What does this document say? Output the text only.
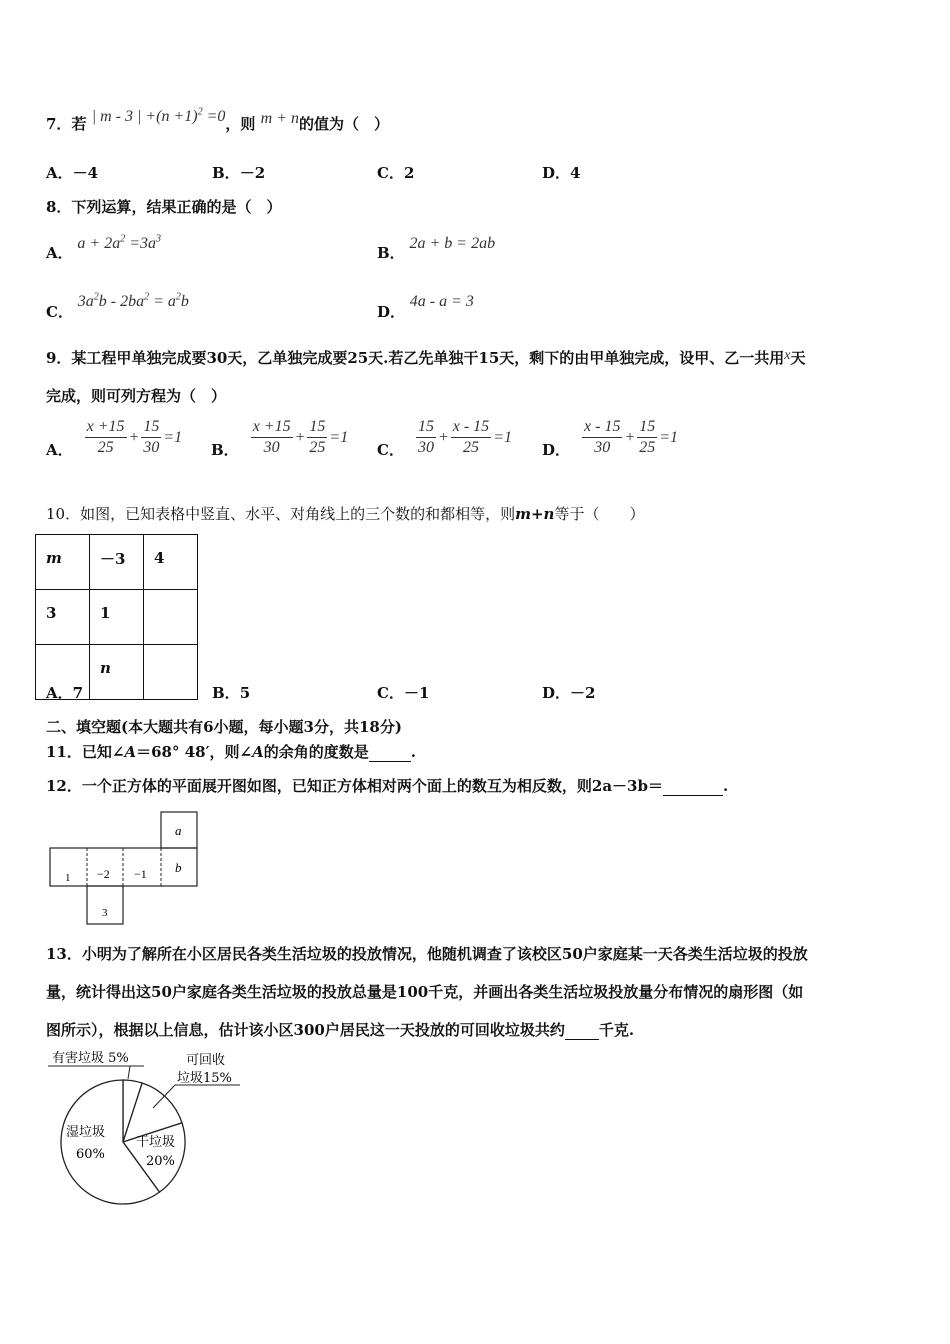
7．若 | m - 3 | $+(n +1)^2 =0$，则 m + n的值为（　）
A．－4	B．－2	C．2	D．4
8．下列运算，结果正确的是（　）
A． $a + 2a^2 =3a^3$
B． 2a + b = 2ab
C． $3a^2b - 2ba^2 = a^2b$
D． 4a - a = 3
9．某工程甲单独完成要30天，乙单独完成要25天.若乙先单独干15天，剩下的由甲单独完成，设甲、乙一共用x天
完成，则可列方程为（　）
A． $\frac{x +15}{25} + \frac{15}{30} =1$
B． $\frac{x +15}{30} + \frac{15}{25} =1$
C． $\frac{15}{30} + \frac{x - 15}{25} =1$
D． $\frac{x - 15}{30} + \frac{15}{25} =1$
10．如图，已知表格中竖直、水平、对角线上的三个数的和都相等，则m+n等于（　　）
m	－3	4
3	1	
	n	
A．7	B．5	C．－1	D．－2
二、填空题(本大题共有6小题，每小题3分，共18分)
11．已知∠A＝68° 48′，则∠A的余角的度数是	.
12．一个正方体的平面展开图如图，已知正方体相对两个面上的数互为相反数，则2a－3b＝	.
a
b
1 −2 −1
3
13．小明为了解所在小区居民各类生活垃圾的投放情况，他随机调查了该校区50户家庭某一天各类生活垃圾的投放
量，统计得出这50户家庭各类生活垃圾的投放总量是100千克，并画出各类生活垃圾投放量分布情况的扇形图（如
图所示），根据以上信息，估计该小区300户居民这一天投放的可回收垃圾共约 千克.
有害垃圾 5%	可回收
垃圾15%
干垃圾
20%
湿垃圾
60%
